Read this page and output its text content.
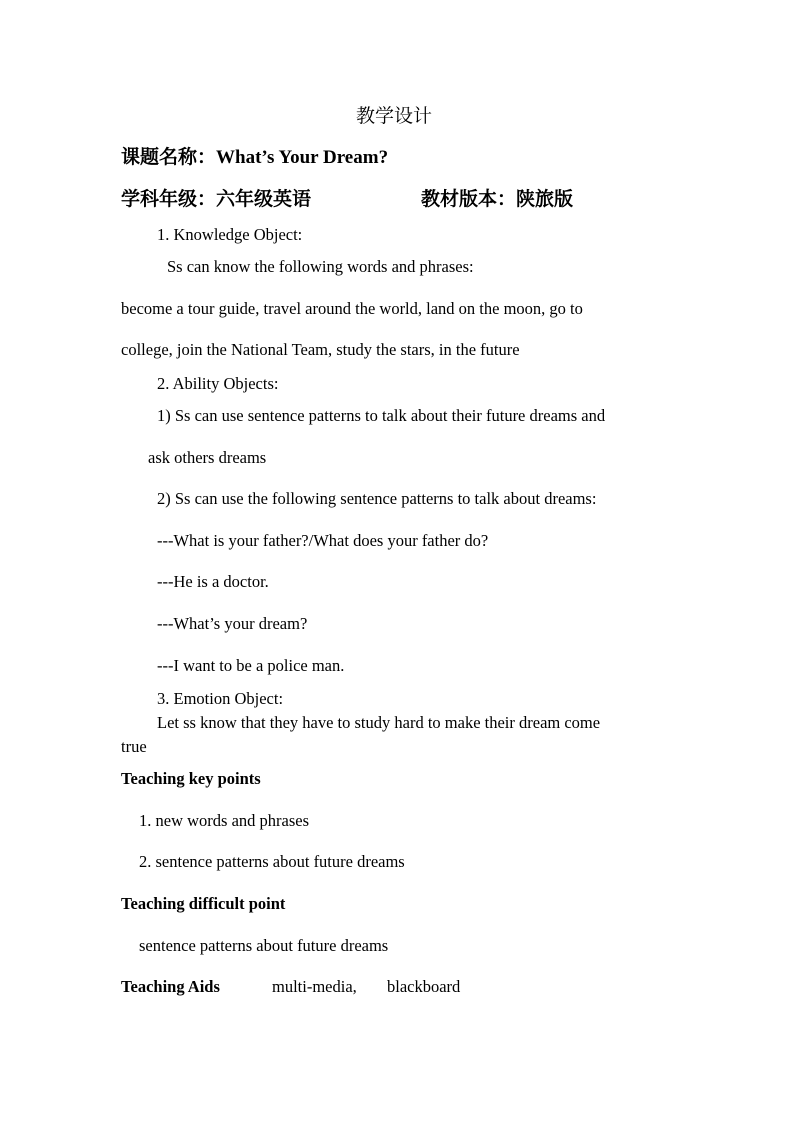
教学设计
课题名称：What’s Your Dream?
学科年级：六年级英语	教材版本：陕旅版
1. Knowledge Object:
Ss can know the following words and phrases:
become a tour guide, travel around the world, land on the moon, go to
college, join the National Team, study the stars, in the future
2. Ability Objects:
1) Ss can use sentence patterns to talk about their future dreams and
ask others dreams
2) Ss can use the following sentence patterns to talk about dreams:
---What is your father?/What does your father do?
---He is a doctor.
---What’s your dream?
---I want to be a police man.
3. Emotion Object:
Let ss know that they have to study hard to make their dream come
true
Teaching key points
1. new words and phrases
2. sentence patterns about future dreams
Teaching difficult point
sentence patterns about future dreams
Teaching Aids	multi-media, blackboard
